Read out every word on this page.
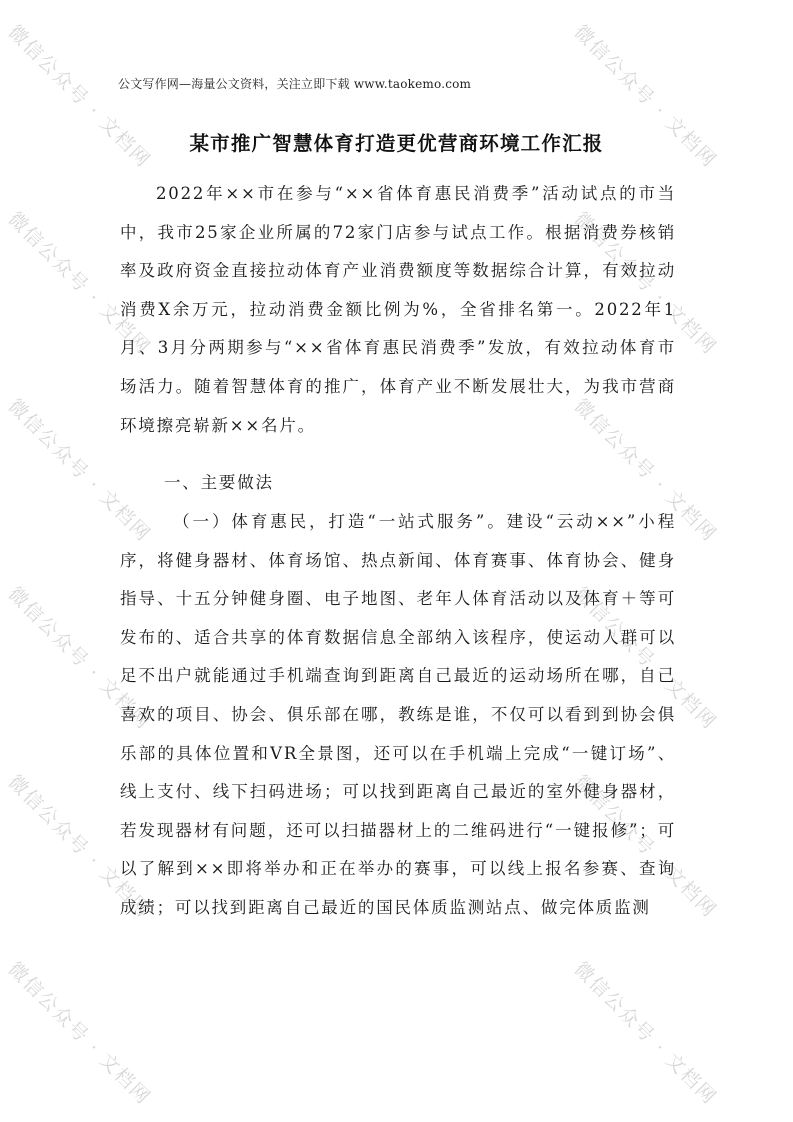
微信公众号 · 文档网	微信公众号 · 文档网
微信公众号 · 文档网	微信公众号 · 文档网
微信公众号 · 文档网	微信公众号 · 文档网
微信公众号 · 文档网	微信公众号 · 文档网
微信公众号 · 文档网	微信公众号 · 文档网
微信公众号 · 文档网	微信公众号 · 文档网
公文写作网—海量公文资料，关注立即下载 www.taokemo.com
某市推广智慧体育打造更优营商环境工作汇报
2022年××市在参与“××省体育惠民消费季”活动试点的市当中，我市25家企业所属的72家门店参与试点工作。根据消费券核销率及政府资金直接拉动体育产业消费额度等数据综合计算，有效拉动消费X余万元，拉动消费金额比例为%，全省排名第一。2022年1月、3月分两期参与“××省体育惠民消费季”发放，有效拉动体育市场活力。随着智慧体育的推广，体育产业不断发展壮大，为我市营商环境擦亮崭新××名片。
一、主要做法
（一）体育惠民，打造“一站式服务”。建设“云动××”小程序，将健身器材、体育场馆、热点新闻、体育赛事、体育协会、健身指导、十五分钟健身圈、电子地图、老年人体育活动以及体育＋等可发布的、适合共享的体育数据信息全部纳入该程序，使运动人群可以足不出户就能通过手机端查询到距离自己最近的运动场所在哪，自己喜欢的项目、协会、俱乐部在哪，教练是谁，不仅可以看到到协会俱乐部的具体位置和VR全景图，还可以在手机端上完成“一键订场”、线上支付、线下扫码进场；可以找到距离自己最近的室外健身器材，若发现器材有问题，还可以扫描器材上的二维码进行“一键报修”；可以了解到××即将举办和正在举办的赛事，可以线上报名参赛、查询成绩；可以找到距离自己最近的国民体质监测站点、做完体质监测
